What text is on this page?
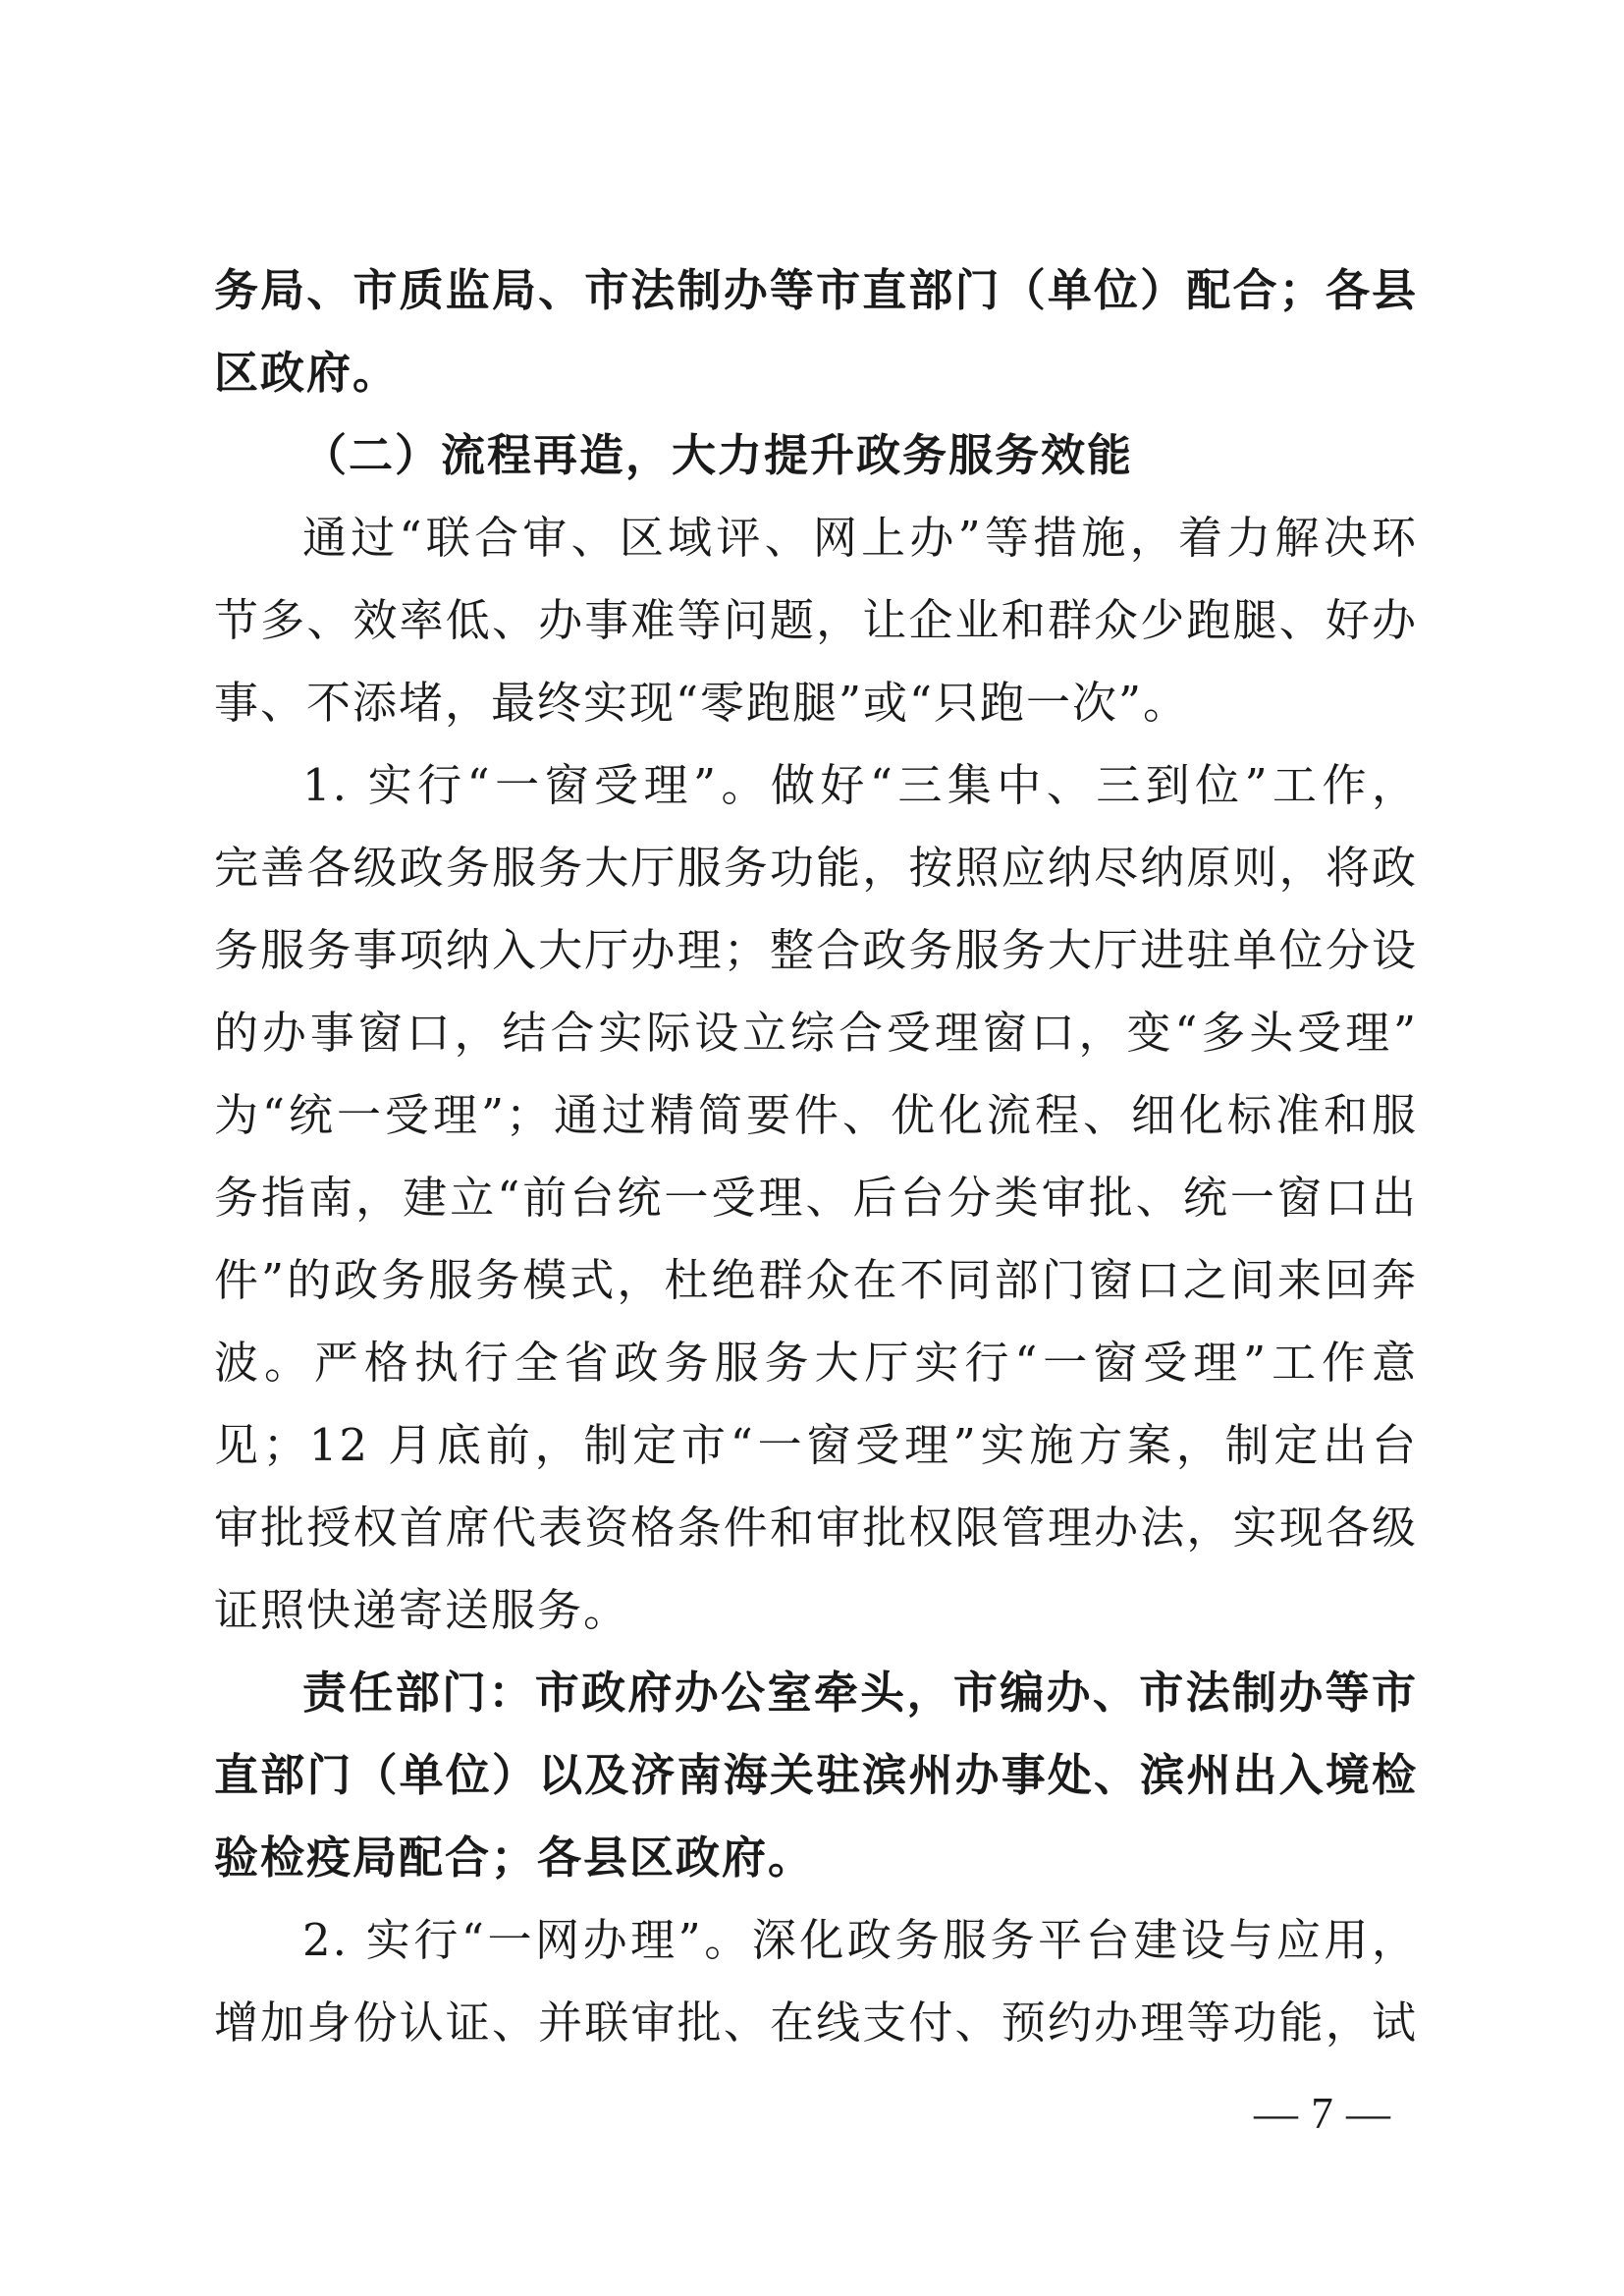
务局、市质监局、市法制办等市直部门（单位）配合；各县
区政府。
（二）流程再造，大力提升政务服务效能
通过“联合审、区域评、网上办”等措施，着力解决环
节多、效率低、办事难等问题，让企业和群众少跑腿、好办
事、不添堵，最终实现“零跑腿”或“只跑一次”。
1. 实行“一窗受理”。做好“三集中、三到位”工作，
完善各级政务服务大厅服务功能，按照应纳尽纳原则，将政
务服务事项纳入大厅办理；整合政务服务大厅进驻单位分设
的办事窗口，结合实际设立综合受理窗口，变“多头受理”
为“统一受理”；通过精简要件、优化流程、细化标准和服
务指南，建立“前台统一受理、后台分类审批、统一窗口出
件”的政务服务模式，杜绝群众在不同部门窗口之间来回奔
波。严格执行全省政务服务大厅实行“一窗受理”工作意
见；12 月底前，制定市“一窗受理”实施方案，制定出台
审批授权首席代表资格条件和审批权限管理办法，实现各级
证照快递寄送服务。
责任部门：市政府办公室牵头，市编办、市法制办等市
直部门（单位）以及济南海关驻滨州办事处、滨州出入境检
验检疫局配合；各县区政府。
2. 实行“一网办理”。深化政务服务平台建设与应用，
增加身份认证、并联审批、在线支付、预约办理等功能，试
— 7 —
